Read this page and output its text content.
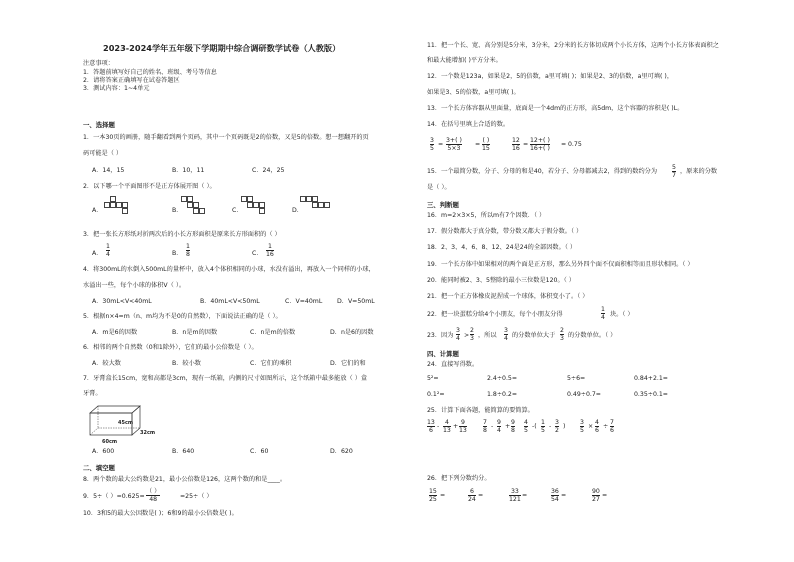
2023-2024学年五年级下学期期中综合调研数学试卷（人教版）
注意事项：
1．答题前填写好自己的姓名、班级、考号等信息
2．请将答案正确填写在试卷答题区
3．测试内容：1~4单元
一、选择题
1．一本30页的画册，随手翻看到两个页码，其中一个页码既是2的倍数，又是5的倍数。想一想翻开的页
码可能是（ ）
A．14，15	B．10，11	C．24，25
2．以下哪一个平面图形不是正方体展开图（ ）。
A．	B．	C．	D．
3．把一张长方形纸对折两次后的小长方形面积是原来长方形面积的（ ）
A．
1
4	B．
1
8	C．
1
16
4．将300mL的水倒入500mL的量杯中，放入4个体积相同的小球，水没有溢出，再放入一个同样的小球，
水溢出一些，每个小球的体积V（ ）。
A．30mL<V<40mL	B．40mL<V<50mL	C．V=40mL D．V=50mL
5．根据n×4=m（n、m均为不是0的自然数），下面说法正确的是（ ）。
A．m是6的因数	B．n是m的因数	C．n是m的倍数	D．n是6的因数
6．相邻的两个自然数（0和1除外），它们的最小公倍数是（ ）。
A．较大数	B．较小数	C．它们的乘积	D．它们的和
7．牙膏盒长15cm，宽和高都是3cm，现有一纸箱，内侧的尺寸如图所示，这个纸箱中最多能放（ ）盒
牙膏。
45cm
32cm
60cm
A．600	B．640	C．60	D．620
二、填空题
8．两个数的最大公约数是21，最小公倍数是126，这两个数的和是____。
9．5÷（ ）=0.625=
（ ）
48	=25÷（ ）
10．3和5的最大公因数是( )；6和9的最小公倍数是( )。
11．把一个长、宽、高分别是5分米，3分米，2分米的长方体切成两个小长方体，这两个小长方体表面积之
和最大能增加( )平方分米。
12．一个数是123a，如果是2，5的倍数，a里可填( )；如果是2、3的倍数，a里可填( )，
如果是3、5的倍数，a里可填( )。
13．一个长方体容器从里面量，底面是一个4dm的正方形，高5dm，这个容器的容积是( )L。
14．在括号里填上合适的数。
3
5
=
3+( )
5×3
=
( )
15
12
16
=
12+( )
16+( )
= 0.75
15．一个最简分数，分子、分母的和是40，若分子、分母都减去2，得到的数约分为
5
7
，原来的分数
是（ ）。
三、判断题
16．m=2×3×5，所以m有7个因数．（ ）
17．假分数都大于真分数，带分数又都大于假分数。（ ）
18．2、3、4、6、8、12、24是24的全部因数。（ ）
19．一个长方体中如果相对的两个面是正方形，那么另外四个面不仅面积相等而且形状相同。（ ）
20．能同时被2、3、5整除的最小三位数是120。（ ）
21．把一个正方体橡皮泥捏成一个球体，体积变小了。（ ）
22．把一块蛋糕分给4个小朋友，每个小朋友分得
1
4 块。（ ）
23．因为
3
4 >
2
3 ，所以
3
4 的分数单位大于
2
3 的分数单位。（ ）
四、计算题
24．直接写得数。
5²=	2.4÷0.5=	5÷6=	0.84+2.1=
0.1²=	1.8÷0.2=	0.49÷0.7=	0.35÷0.1=
25．计算下面各题，能简算的要简算。
13
6
-
4
13
+
9
13
7
8
-
9
4
+
9
8
4
5
-(
1
5
-
3
2
)
3
5
×
4
6
÷
7
6
26．把下列分数约分。
15
25
=
6
24
=
33
121
=
36
54
=
90
27
=
